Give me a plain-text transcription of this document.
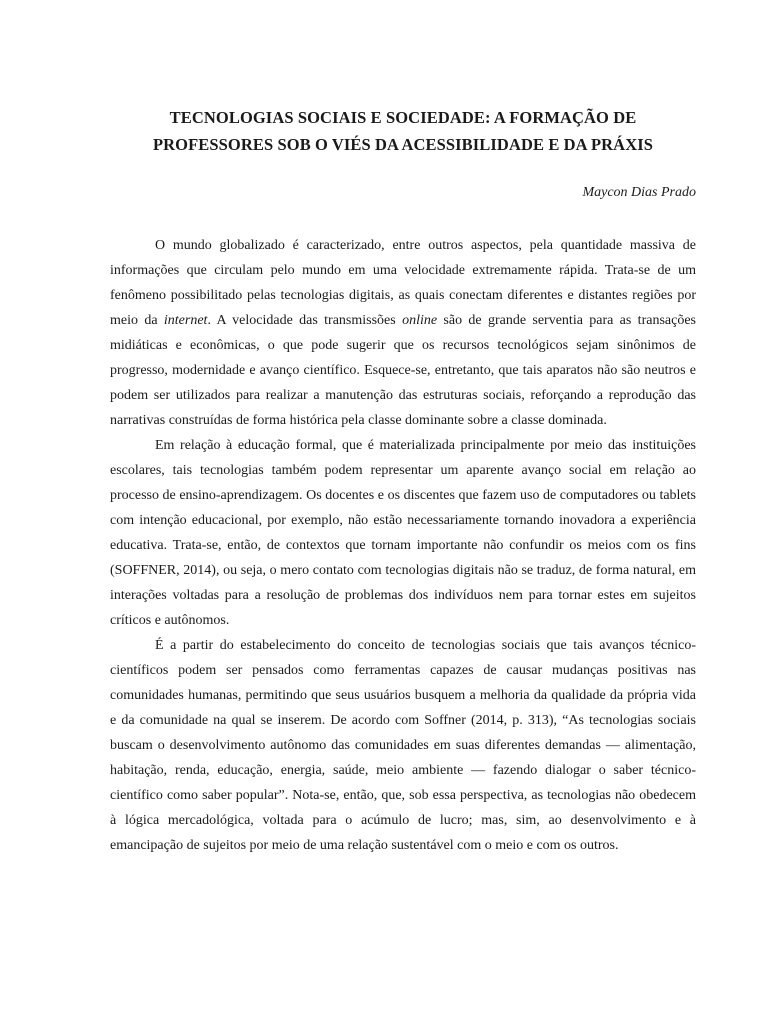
TECNOLOGIAS SOCIAIS E SOCIEDADE: A FORMAÇÃO DE
PROFESSORES SOB O VIÉS DA ACESSIBILIDADE E DA PRÁXIS
Maycon Dias Prado

O mundo globalizado é caracterizado, entre outros aspectos, pela quantidade massiva de informações que circulam pelo mundo em uma velocidade extremamente rápida. Trata-se de um fenômeno possibilitado pelas tecnologias digitais, as quais conectam diferentes e distantes regiões por meio da internet. A velocidade das transmissões online são de grande serventia para as transações midiáticas e econômicas, o que pode sugerir que os recursos tecnológicos sejam sinônimos de progresso, modernidade e avanço científico. Esquece-se, entretanto, que tais aparatos não são neutros e podem ser utilizados para realizar a manutenção das estruturas sociais, reforçando a reprodução das narrativas construídas de forma histórica pela classe dominante sobre a classe dominada.

Em relação à educação formal, que é materializada principalmente por meio das instituições escolares, tais tecnologias também podem representar um aparente avanço social em relação ao processo de ensino-aprendizagem. Os docentes e os discentes que fazem uso de computadores ou tablets com intenção educacional, por exemplo, não estão necessariamente tornando inovadora a experiência educativa. Trata-se, então, de contextos que tornam importante não confundir os meios com os fins (SOFFNER, 2014), ou seja, o mero contato com tecnologias digitais não se traduz, de forma natural, em interações voltadas para a resolução de problemas dos indivíduos nem para tornar estes em sujeitos críticos e autônomos.

É a partir do estabelecimento do conceito de tecnologias sociais que tais avanços técnico-científicos podem ser pensados como ferramentas capazes de causar mudanças positivas nas comunidades humanas, permitindo que seus usuários busquem a melhoria da qualidade da própria vida e da comunidade na qual se inserem. De acordo com Soffner (2014, p. 313), “As tecnologias sociais buscam o desenvolvimento autônomo das comunidades em suas diferentes demandas — alimentação, habitação, renda, educação, energia, saúde, meio ambiente — fazendo dialogar o saber técnico-científico como saber popular”. Nota-se, então, que, sob essa perspectiva, as tecnologias não obedecem à lógica mercadológica, voltada para o acúmulo de lucro; mas, sim, ao desenvolvimento e à emancipação de sujeitos por meio de uma relação sustentável com o meio e com os outros.
